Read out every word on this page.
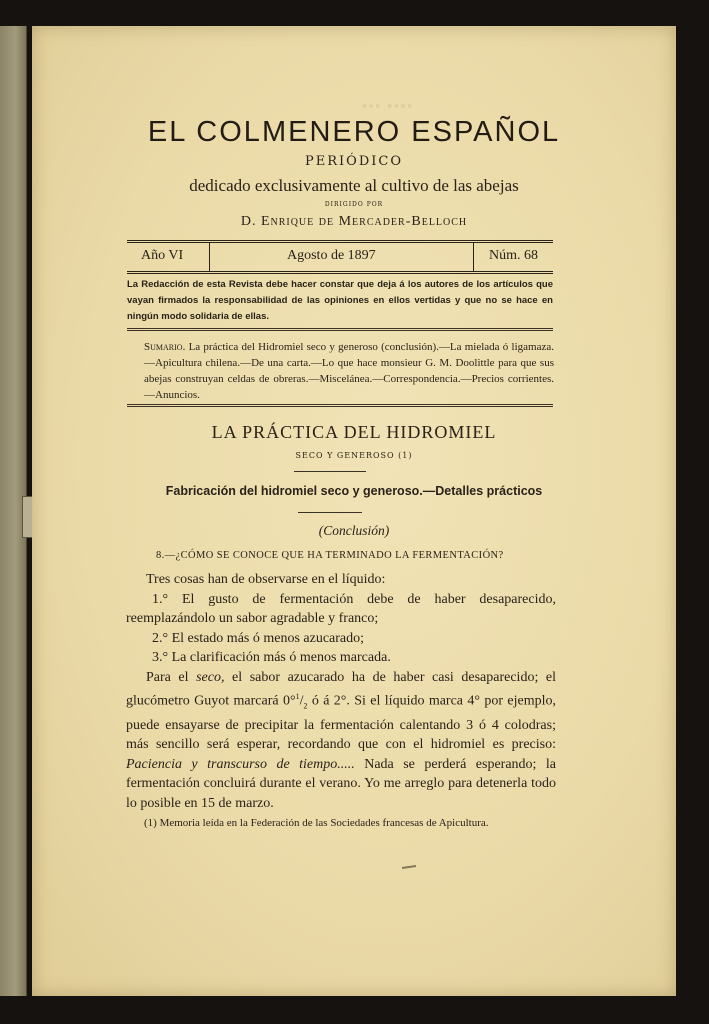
▪▪▪ ▪▪▪▪
EL COLMENERO ESPAÑOL
PERIÓDICO
dedicado exclusivamente al cultivo de las abejas
DIRIGIDO POR
D. Enrique de Mercader-Belloch
Año VI	Agosto de 1897	Núm. 68
La Redacción de esta Revista debe hacer constar que deja á los autores de los artículos que vayan firmados la responsabilidad de las opiniones en ellos vertidas y que no se hace en ningún modo solidaria de ellas.
Sumario. La práctica del Hidromiel seco y generoso (conclusión).—La mielada ó ligamaza.—Apicultura chilena.—De una carta.—Lo que hace monsieur G. M. Doolittle para que sus abejas construyan celdas de obreras.—Miscelánea.—Correspondencia.—Precios corrientes.—Anuncios.
LA PRÁCTICA DEL HIDROMIEL
SECO Y GENEROSO (1)
Fabricación del hidromiel seco y generoso.—Detalles prácticos
(Conclusión)
8.—¿CÓMO SE CONOCE QUE HA TERMINADO LA FERMENTACIÓN?

Tres cosas han de observarse en el líquido:

1.° El gusto de fermentación debe de haber desaparecido, reemplazándolo un sabor agradable y franco;

2.° El estado más ó menos azucarado;

3.° La clarificación más ó menos marcada.

Para el seco, el sabor azucarado ha de haber casi desaparecido; el glucómetro Guyot marcará $0^\circ^1/_2$ ó á 2°. Si el líquido marca 4° por ejemplo, puede ensayarse de precipitar la fermentación calentando 3 ó 4 colodras; más sencillo será esperar, recordando que con el hidromiel es preciso: Paciencia y transcurso de tiempo..... Nada se perderá esperando; la fermentación concluirá durante el verano. Yo me arreglo para detenerla todo lo posible en 15 de marzo.

(1) Memoria leída en la Federación de las Sociedades francesas de Apicultura.
